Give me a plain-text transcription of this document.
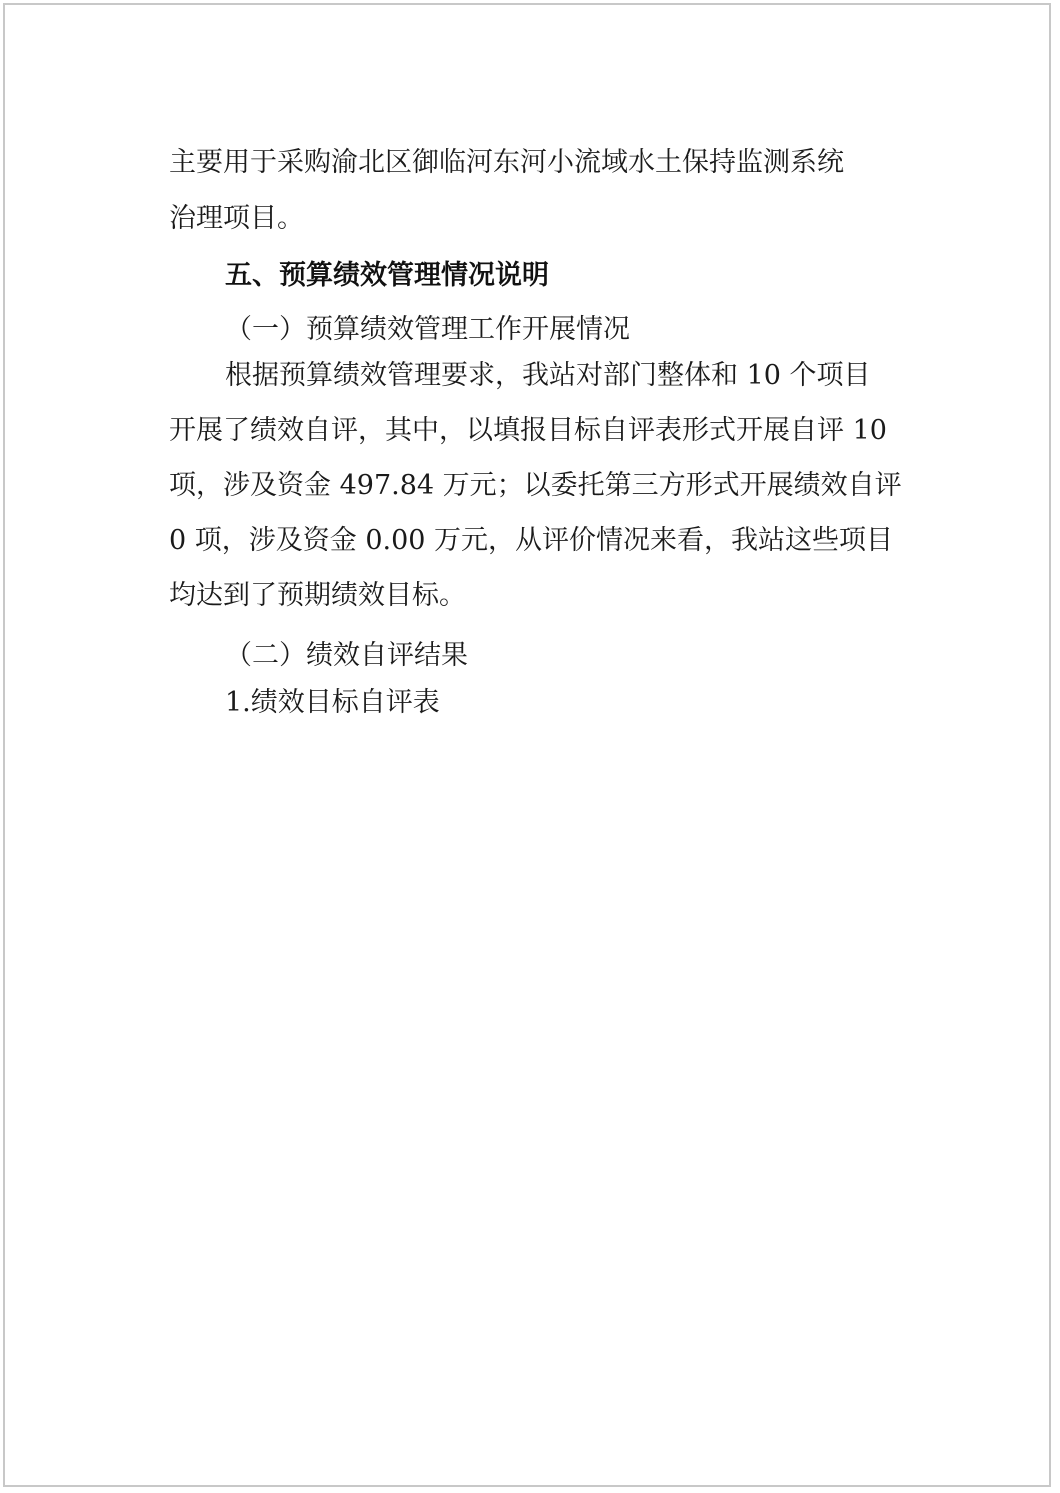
主要用于采购渝北区御临河东河小流域水土保持监测系统
治理项目。
五、预算绩效管理情况说明
（一）预算绩效管理工作开展情况
根据预算绩效管理要求，我站对部门整体和 10 个项目
开展了绩效自评，其中，以填报目标自评表形式开展自评 10
项，涉及资金 497.84 万元；以委托第三方形式开展绩效自评
0 项，涉及资金 0.00 万元，从评价情况来看，我站这些项目
均达到了预期绩效目标。
（二）绩效自评结果
1.绩效目标自评表
